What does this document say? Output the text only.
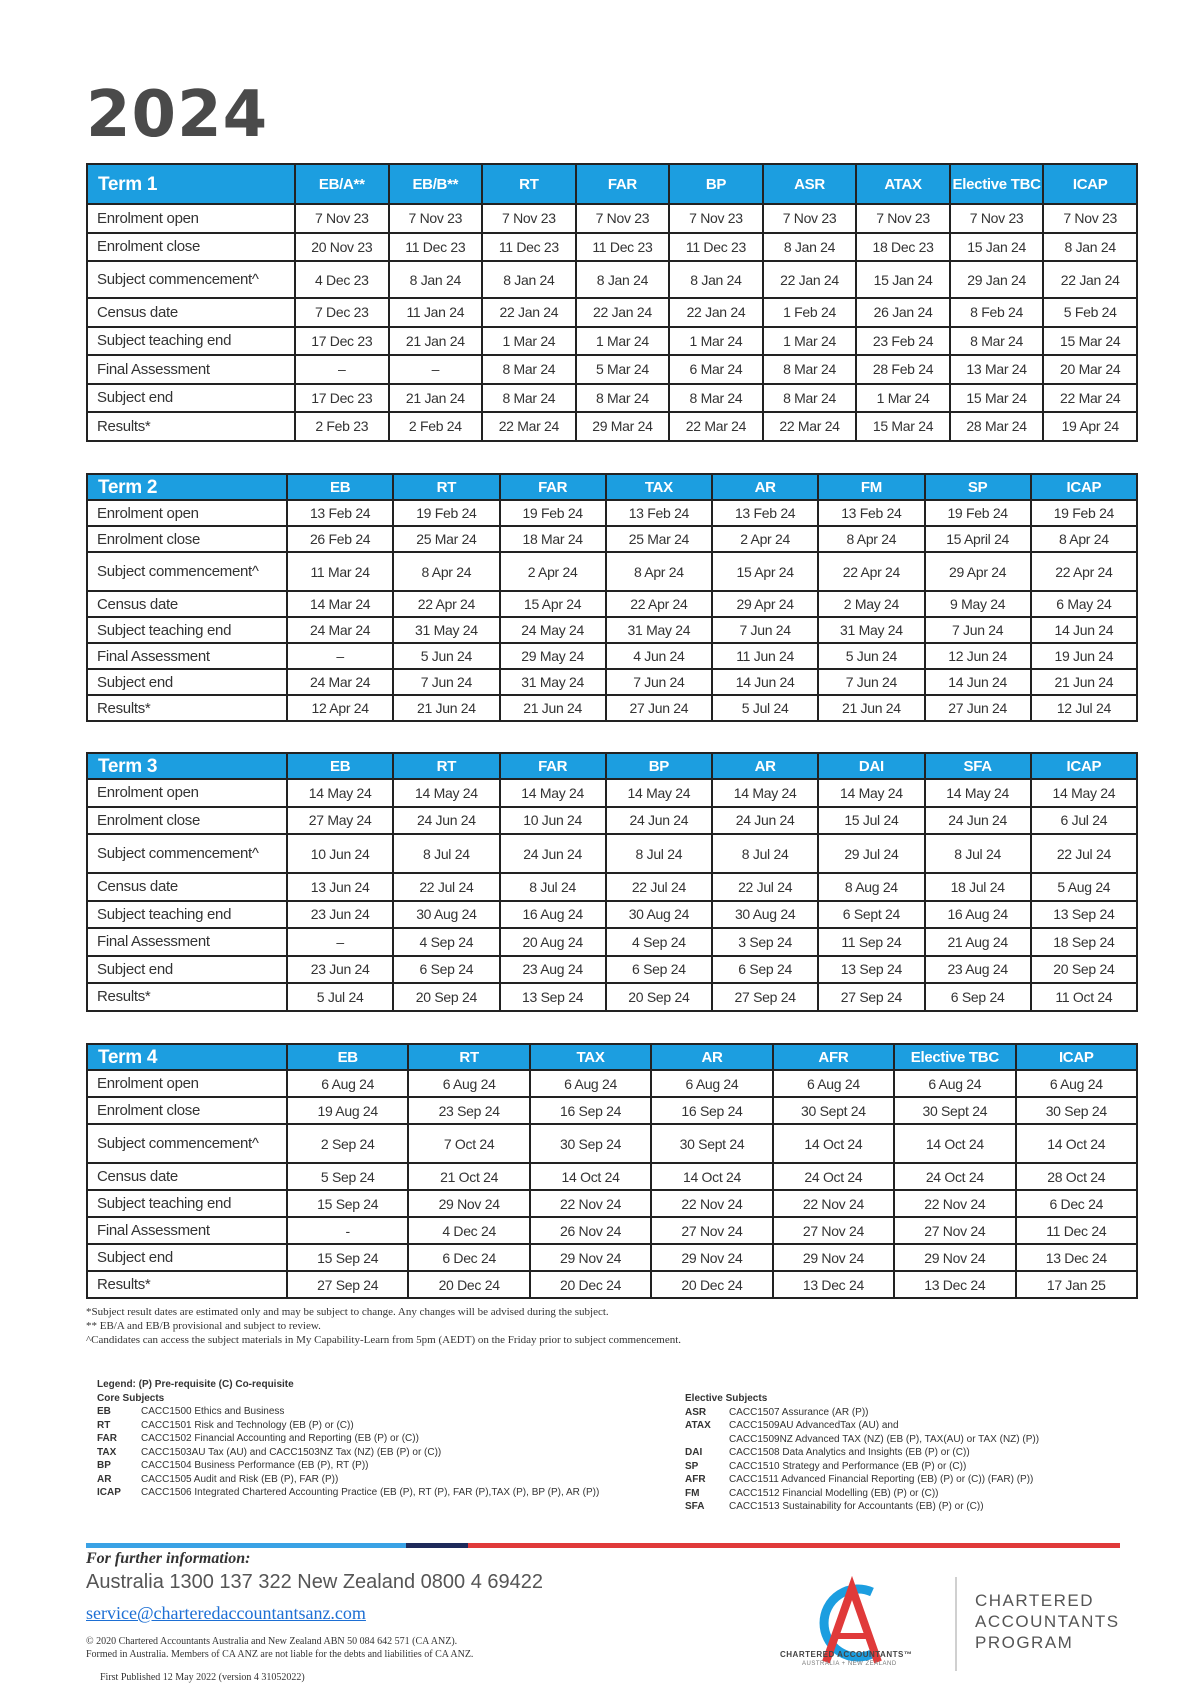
2024
Term 1	EB/A**	EB/B**	RT	FAR	BP	ASR	ATAX	Elective TBC	ICAP
Enrolment open	7 Nov 23	7 Nov 23	7 Nov 23	7 Nov 23	7 Nov 23	7 Nov 23	7 Nov 23	7 Nov 23	7 Nov 23
Enrolment close	20 Nov 23	11 Dec 23	11 Dec 23	11 Dec 23	11 Dec 23	8 Jan 24	18 Dec 23	15 Jan 24	8 Jan 24
Subject commencement^	4 Dec 23	8 Jan 24	8 Jan 24	8 Jan 24	8 Jan 24	22 Jan 24	15 Jan 24	29 Jan 24	22 Jan 24
Census date	7 Dec 23	11 Jan 24	22 Jan 24	22 Jan 24	22 Jan 24	1 Feb 24	26 Jan 24	8 Feb 24	5 Feb 24
Subject teaching end	17 Dec 23	21 Jan 24	1 Mar 24	1 Mar 24	1 Mar 24	1 Mar 24	23 Feb 24	8 Mar 24	15 Mar 24
Final Assessment	–	–	8 Mar 24	5 Mar 24	6 Mar 24	8 Mar 24	28 Feb 24	13 Mar 24	20 Mar 24
Subject end	17 Dec 23	21 Jan 24	8 Mar 24	8 Mar 24	8 Mar 24	8 Mar 24	1 Mar 24	15 Mar 24	22 Mar 24
Results*	2 Feb 23	2 Feb 24	22 Mar 24	29 Mar 24	22 Mar 24	22 Mar 24	15 Mar 24	28 Mar 24	19 Apr 24
Term 2	EB	RT	FAR	TAX	AR	FM	SP	ICAP
Enrolment open	13 Feb 24	19 Feb 24	19 Feb 24	13 Feb 24	13 Feb 24	13 Feb 24	19 Feb 24	19 Feb 24
Enrolment close	26 Feb 24	25 Mar 24	18 Mar 24	25 Mar 24	2 Apr 24	8 Apr 24	15 April 24	8 Apr 24
Subject commencement^	11 Mar 24	8 Apr 24	2 Apr 24	8 Apr 24	15 Apr 24	22 Apr 24	29 Apr 24	22 Apr 24
Census date	14 Mar 24	22 Apr 24	15 Apr 24	22 Apr 24	29 Apr 24	2 May 24	9 May 24	6 May 24
Subject teaching end	24 Mar 24	31 May 24	24 May 24	31 May 24	7 Jun 24	31 May 24	7 Jun 24	14 Jun 24
Final Assessment	–	5 Jun 24	29 May 24	4 Jun 24	11 Jun 24	5 Jun 24	12 Jun 24	19 Jun 24
Subject end	24 Mar 24	7 Jun 24	31 May 24	7 Jun 24	14 Jun 24	7 Jun 24	14 Jun 24	21 Jun 24
Results*	12 Apr 24	21 Jun 24	21 Jun 24	27 Jun 24	5 Jul 24	21 Jun 24	27 Jun 24	12 Jul 24
Term 3	EB	RT	FAR	BP	AR	DAI	SFA	ICAP
Enrolment open	14 May 24	14 May 24	14 May 24	14 May 24	14 May 24	14 May 24	14 May 24	14 May 24
Enrolment close	27 May 24	24 Jun 24	10 Jun 24	24 Jun 24	24 Jun 24	15 Jul 24	24 Jun 24	6 Jul 24
Subject commencement^	10 Jun 24	8 Jul 24	24 Jun 24	8 Jul 24	8 Jul 24	29 Jul 24	8 Jul 24	22 Jul 24
Census date	13 Jun 24	22 Jul 24	8 Jul 24	22 Jul 24	22 Jul 24	8 Aug 24	18 Jul 24	5 Aug 24
Subject teaching end	23 Jun 24	30 Aug 24	16 Aug 24	30 Aug 24	30 Aug 24	6 Sept 24	16 Aug 24	13 Sep 24
Final Assessment	–	4 Sep 24	20 Aug 24	4 Sep 24	3 Sep 24	11 Sep 24	21 Aug 24	18 Sep 24
Subject end	23 Jun 24	6 Sep 24	23 Aug 24	6 Sep 24	6 Sep 24	13 Sep 24	23 Aug 24	20 Sep 24
Results*	5 Jul 24	20 Sep 24	13 Sep 24	20 Sep 24	27 Sep 24	27 Sep 24	6 Sep 24	11 Oct 24
Term 4	EB	RT	TAX	AR	AFR	Elective TBC	ICAP
Enrolment open	6 Aug 24	6 Aug 24	6 Aug 24	6 Aug 24	6 Aug 24	6 Aug 24	6 Aug 24
Enrolment close	19 Aug 24	23 Sep 24	16 Sep 24	16 Sep 24	30 Sept 24	30 Sept 24	30 Sep 24
Subject commencement^	2 Sep 24	7 Oct 24	30 Sep 24	30 Sept 24	14 Oct 24	14 Oct 24	14 Oct 24
Census date	5 Sep 24	21 Oct 24	14 Oct 24	14 Oct 24	24 Oct 24	24 Oct 24	28 Oct 24
Subject teaching end	15 Sep 24	29 Nov 24	22 Nov 24	22 Nov 24	22 Nov 24	22 Nov 24	6 Dec 24
Final Assessment	-	4 Dec 24	26 Nov 24	27 Nov 24	27 Nov 24	27 Nov 24	11 Dec 24
Subject end	15 Sep 24	6 Dec 24	29 Nov 24	29 Nov 24	29 Nov 24	29 Nov 24	13 Dec 24
Results*	27 Sep 24	20 Dec 24	20 Dec 24	20 Dec 24	13 Dec 24	13 Dec 24	17 Jan 25
*Subject result dates are estimated only and may be subject to change. Any changes will be advised during the subject.
** EB/A and EB/B provisional and subject to review.
^Candidates can access the subject materials in My Capability-Learn from 5pm (AEDT) on the Friday prior to subject commencement.
Legend: (P) Pre-requisite (C) Co-requisite
Core Subjects
EB	CACC1500 Ethics and Business
RT	CACC1501 Risk and Technology (EB (P) or (C))
FAR	CACC1502 Financial Accounting and Reporting (EB (P) or (C))
TAX	CACC1503AU Tax (AU) and CACC1503NZ Tax (NZ) (EB (P) or (C))
BP	CACC1504 Business Performance (EB (P), RT (P))
AR	CACC1505 Audit and Risk (EB (P), FAR (P))
ICAP	CACC1506 Integrated Chartered Accounting Practice (EB (P), RT (P), FAR (P),TAX (P), BP (P), AR (P))
Elective Subjects
ASR	CACC1507 Assurance (AR (P))
ATAX	CACC1509AU AdvancedTax (AU) and
CACC1509NZ Advanced TAX (NZ) (EB (P), TAX(AU) or TAX (NZ) (P))
DAI	CACC1508 Data Analytics and Insights (EB (P) or (C))
SP	CACC1510 Strategy and Performance (EB (P) or (C))
AFR	CACC1511 Advanced Financial Reporting (EB) (P) or (C)) (FAR) (P))
FM	CACC1512 Financial Modelling (EB) (P) or (C))
SFA	CACC1513 Sustainability for Accountants (EB) (P) or (C))
For further information:
Australia 1300 137 322 New Zealand 0800 4 69422
service@charteredaccountantsanz.com
© 2020 Chartered Accountants Australia and New Zealand ABN 50 084 642 571 (CA ANZ).
Formed in Australia. Members of CA ANZ are not liable for the debts and liabilities of CA ANZ.
First Published 12 May 2022 (version 4 31052022)
CHARTERED ACCOUNTANTS™
AUSTRALIA + NEW ZEALAND
CHARTERED
ACCOUNTANTS
PROGRAM
